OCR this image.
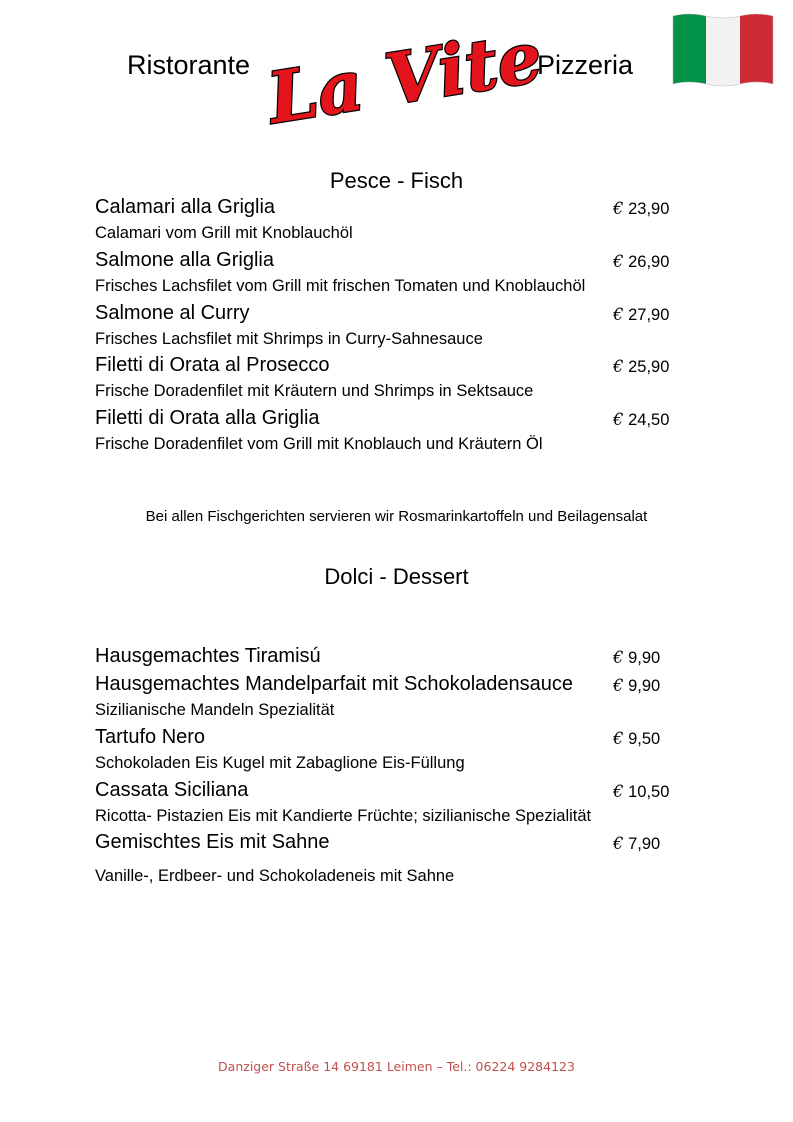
Ristorante La Vite
Pizzeria
Pesce - Fisch
Calamari alla Griglia	€ 23,90
Calamari vom Grill mit Knoblauchöl
Salmone alla Griglia	€ 26,90
Frisches Lachsfilet vom Grill mit frischen Tomaten und Knoblauchöl
Salmone al Curry	€ 27,90
Frisches Lachsfilet mit Shrimps in Curry-Sahnesauce
Filetti di Orata al Prosecco	€ 25,90
Frische Doradenfilet mit Kräutern und Shrimps in Sektsauce
Filetti di Orata alla Griglia	€ 24,50
Frische Doradenfilet vom Grill mit Knoblauch und Kräutern Öl
Bei allen Fischgerichten servieren wir Rosmarinkartoffeln und Beilagensalat
Dolci - Dessert
Hausgemachtes Tiramisú	€ 9,90
Hausgemachtes Mandelparfait mit Schokoladensauce € 9,90
Sizilianische Mandeln Spezialität
Tartufo Nero	€ 9,50
Schokoladen Eis Kugel mit Zabaglione Eis-Füllung
Cassata Siciliana	€ 10,50
Ricotta- Pistazien Eis mit Kandierte Früchte; sizilianische Spezialität
Gemischtes Eis mit Sahne	€ 7,90
Vanille-, Erdbeer- und Schokoladeneis mit Sahne
Danziger Straße 14 69181 Leimen – Tel.: 06224 9284123
